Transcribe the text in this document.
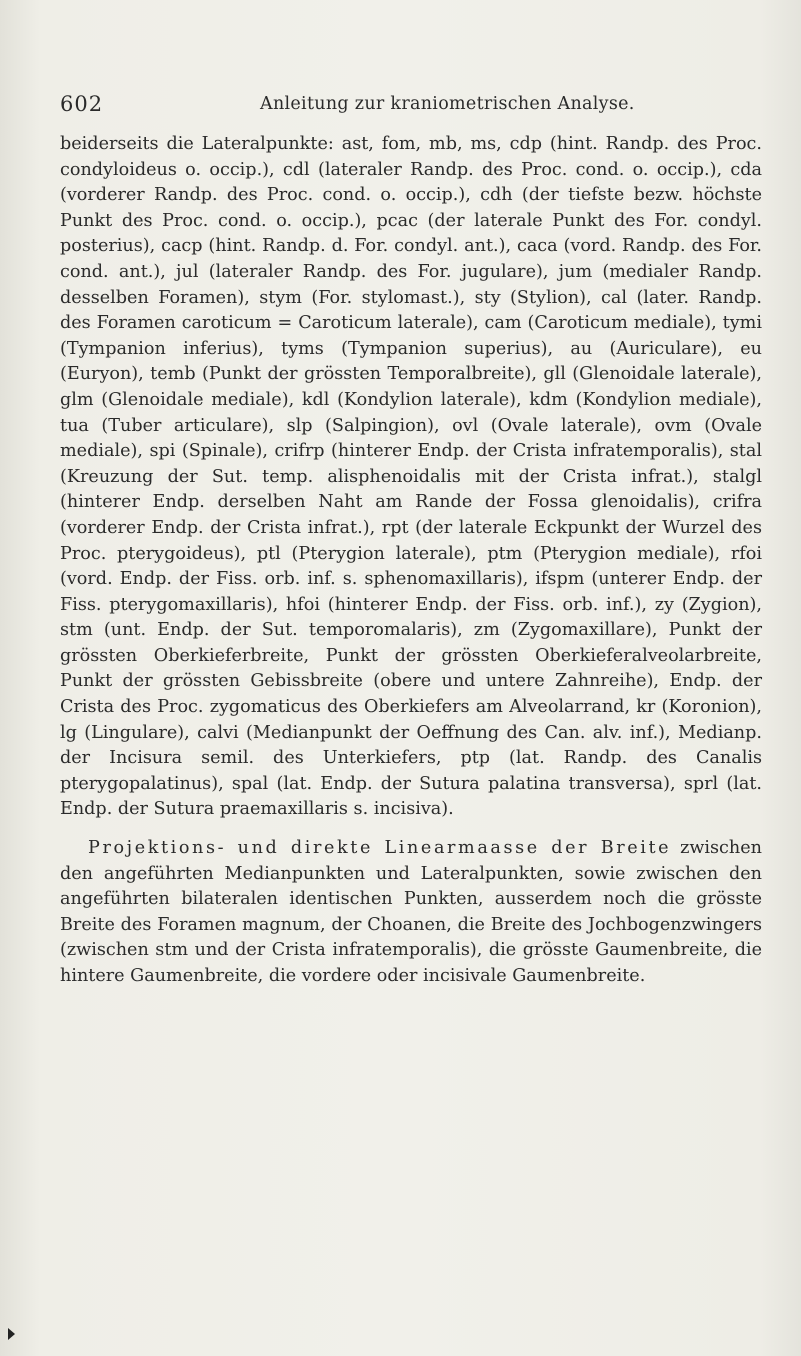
602	Anleitung zur kraniometrischen Analyse.

beiderseits die Lateralpunkte: ast, fom, mb, ms, cdp (hint. Randp. des Proc. condyloideus o. occip.), cdl (lateraler Randp. des Proc. cond. o. occip.), cda (vorderer Randp. des Proc. cond. o. occip.), cdh (der tiefste bezw. höchste Punkt des Proc. cond. o. occip.), pcac (der laterale Punkt des For. condyl. posterius), cacp (hint. Randp. d. For. condyl. ant.), caca (vord. Randp. des For. cond. ant.), jul (lateraler Randp. des For. jugulare), jum (medialer Randp. desselben Foramen), stym (For. stylomast.), sty (Stylion), cal (later. Randp. des Foramen caroticum = Caroticum laterale), cam (Caroticum mediale), tymi (Tympanion inferius), tyms (Tympanion superius), au (Auriculare), eu (Euryon), temb (Punkt der grössten Temporalbreite), gll (Glenoidale laterale), glm (Glenoidale mediale), kdl (Kondylion laterale), kdm (Kondylion mediale), tua (Tuber articulare), slp (Salpingion), ovl (Ovale laterale), ovm (Ovale mediale), spi (Spinale), crifrp (hinterer Endp. der Crista infratemporalis), stal (Kreuzung der Sut. temp. alisphenoidalis mit der Crista infrat.), stalgl (hinterer Endp. derselben Naht am Rande der Fossa glenoidalis), crifra (vorderer Endp. der Crista infrat.), rpt (der laterale Eckpunkt der Wurzel des Proc. pterygoideus), ptl (Pterygion laterale), ptm (Pterygion mediale), rfoi (vord. Endp. der Fiss. orb. inf. s. sphenomaxillaris), ifspm (unterer Endp. der Fiss. pterygomaxillaris), hfoi (hinterer Endp. der Fiss. orb. inf.), zy (Zygion), stm (unt. Endp. der Sut. temporomalaris), zm (Zygomaxillare), Punkt der grössten Oberkieferbreite, Punkt der grössten Oberkieferalveolarbreite, Punkt der grössten Gebissbreite (obere und untere Zahnreihe), Endp. der Crista des Proc. zygomaticus des Oberkiefers am Alveolarrand, kr (Koronion), lg (Lingulare), calvi (Medianpunkt der Oeffnung des Can. alv. inf.), Medianp. der Incisura semil. des Unterkiefers, ptp (lat. Randp. des Canalis pterygopalatinus), spal (lat. Endp. der Sutura palatina transversa), sprl (lat. Endp. der Sutura praemaxillaris s. incisiva).

Projektions- und direkte Linearmaasse der Breite zwischen den angeführten Medianpunkten und Lateralpunkten, sowie zwischen den angeführten bilateralen identischen Punkten, ausserdem noch die grösste Breite des Foramen magnum, der Choanen, die Breite des Jochbogenzwingers (zwischen stm und der Crista infratemporalis), die grösste Gaumenbreite, die hintere Gaumenbreite, die vordere oder incisivale Gaumenbreite.
